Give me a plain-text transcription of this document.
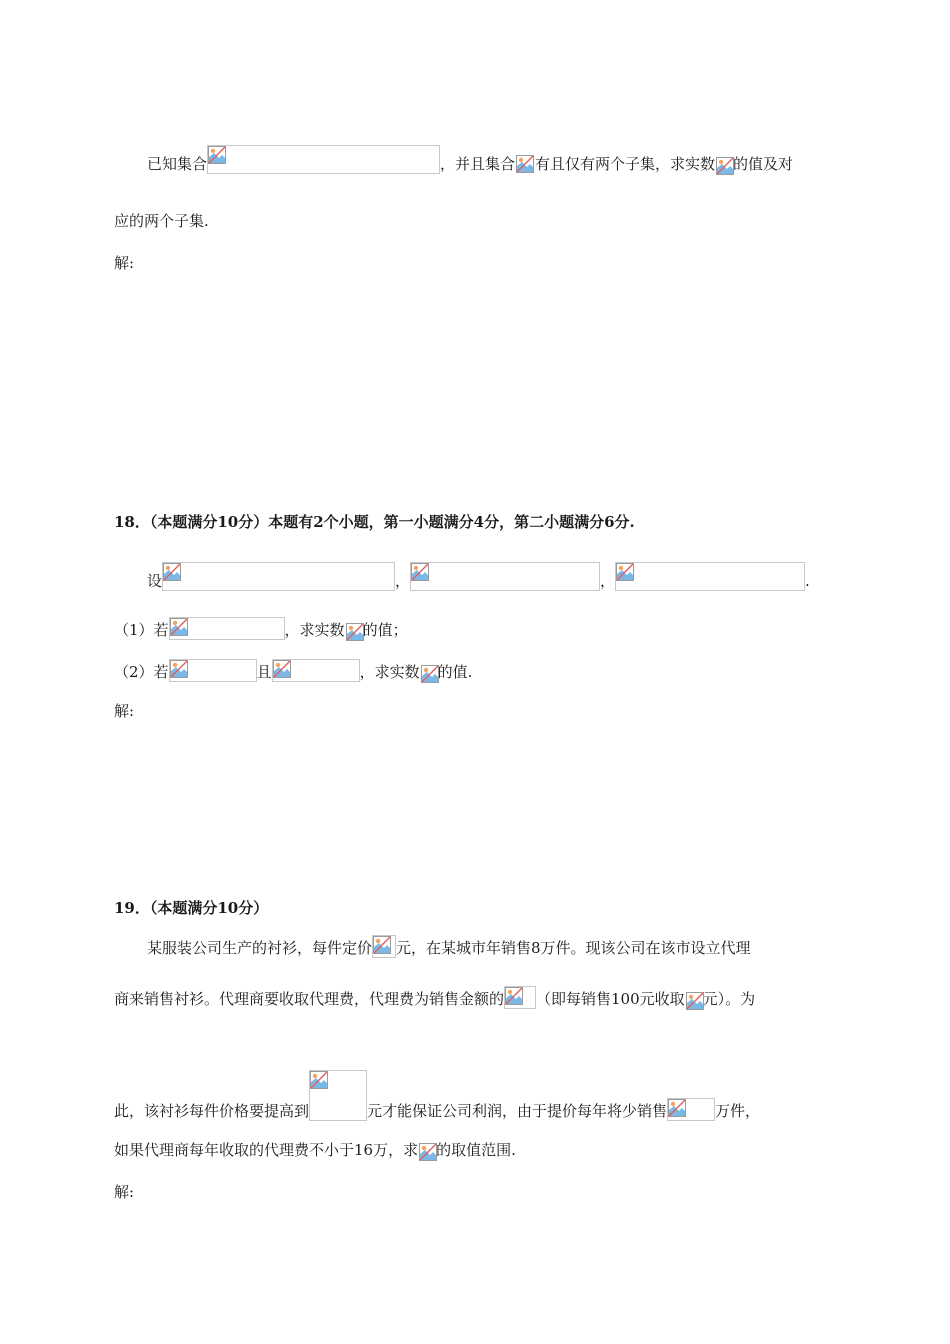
已知集合	，并且集合 有且仅有两个子集，求实数 的值及对
应的两个子集.
解:
18．（本题满分10分）本题有2个小题，第一小题满分4分，第二小题满分6分.
设	，	，	.
（1）若	，求实数 的值；
（2）若	且	，求实数 的值.
解:
19．（本题满分10分）
某服装公司生产的衬衫，每件定价 元，在某城市年销售8万件。现该公司在该市设立代理
商来销售衬衫。代理商要收取代理费，代理费为销售金额的 （即每销售100元收取 元）。为
此，该衬衫每件价格要提高到	元才能保证公司利润，由于提价每年将少销售	万件，
如果代理商每年收取的代理费不小于16万，求 的取值范围.
解:
